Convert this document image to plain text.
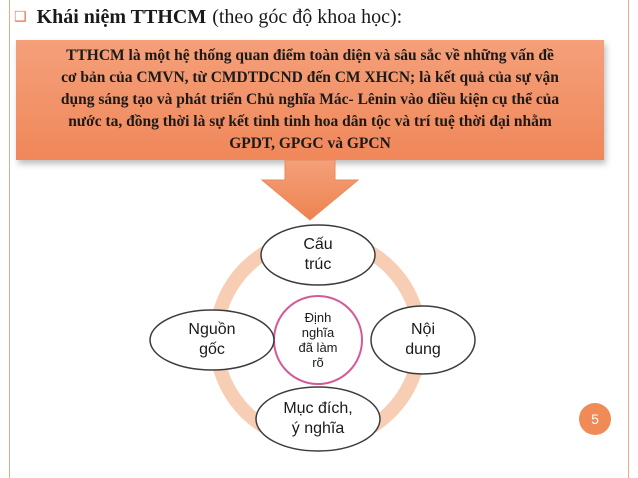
❑ Khái niệm TTHCM (theo góc độ khoa học):
TTHCM là một hệ thống quan điểm toàn diện và sâu sắc về những vấn đề
cơ bản của CMVN, từ CMDTDCND đến CM XHCN; là kết quả của sự vận
dụng sáng tạo và phát triển Chủ nghĩa Mác- Lênin vào điều kiện cụ thể của
nước ta, đồng thời là sự kết tinh tinh hoa dân tộc và trí tuệ thời đại nhằm
GPDT, GPGC và GPCN
Cấu
trúc
Nội
dung
Mục đích,
ý nghĩa
Nguồn
gốc
Định
nghĩa
đã làm
rõ
5
